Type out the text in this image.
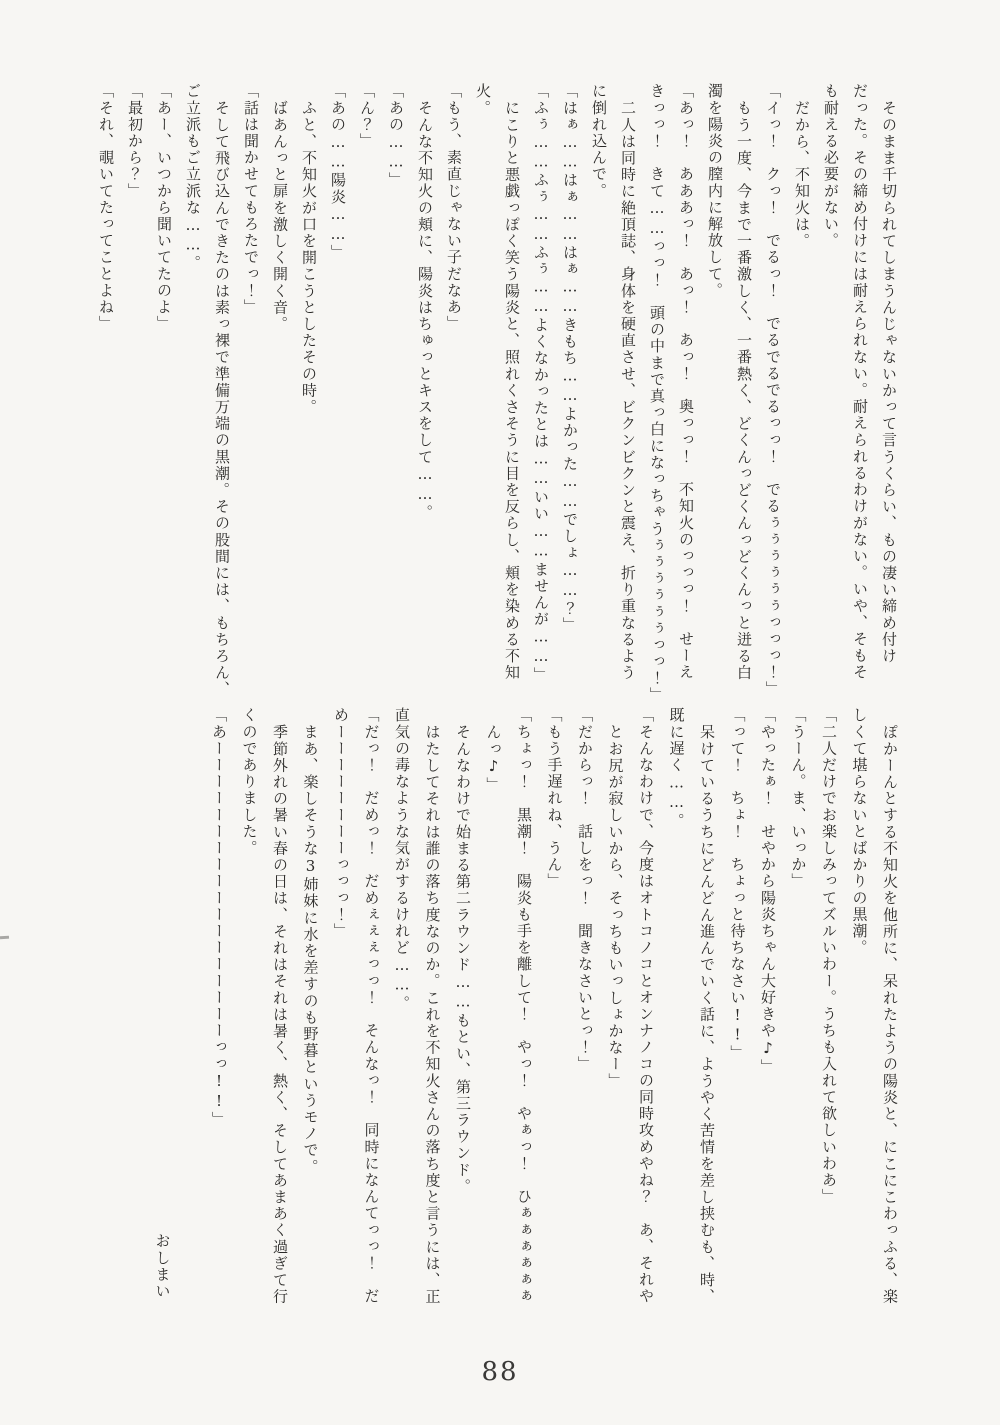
そのまま千切られてしまうんじゃないかって言うくらい、もの凄い締め付け

だった。その締め付けには耐えられない。耐えられるわけがない。いや、そもそ

も耐える必要がない。

だから、不知火は。

「イっ！　クっ！　でるっ！　でるでるでるっっ！　でるぅぅぅぅぅぅっっっ！」

もう一度、今まで一番激しく、一番熱く、どくんっどくんっどくんっと迸る白

濁を陽炎の膣内に解放して。

「あっ！　あああっ！　あっ！　あっ！　奥っっ！　不知火のっっっ！　せーえ

きっっ！　きて……っっ！　頭の中まで真っ白になっちゃうぅぅぅぅぅぅっっ！」

二人は同時に絶頂誌、身体を硬直させ、ビクンビクンと震え、折り重なるよう

に倒れ込んで。

「はぁ……はぁ……はぁ……きもち……よかった……でしょ……？」

「ふぅ……ふぅ……ふぅ……よくなかったとは……いい……ませんが……」

にこりと悪戯っぽく笑う陽炎と、照れくさそうに目を反らし、頬を染める不知

火。

「もう、素直じゃない子だなあ」

そんな不知火の頬に、陽炎はちゅっとキスをして……。

「あの……」

「ん？」

「あの……陽炎……」

ふと、不知火が口を開こうとしたその時。

ばあんっと扉を激しく開く音。

「話は聞かせてもろたでっ！」

そして飛び込んできたのは素っ裸で準備万端の黒潮。その股間には、もちろん、

ご立派もご立派な……。

「あー、いつから聞いてたのよ」

「最初から？」

「それ、覗いてたってことよね」

ぽかーんとする不知火を他所に、呆れたようの陽炎と、にこにこわっふる、楽

しくて堪らないとばかりの黒潮。

「二人だけでお楽しみってズルいわー。うちも入れて欲しいわあ」

「うーん。ま、いっか」

「やったぁ！　せやから陽炎ちゃん大好きや♪」

「って！　ちょ！　ちょっと待ちなさい!!」

呆けているうちにどんどん進んでいく話に、ようやく苦情を差し挟むも、時、

既に遅く……。

「そんなわけで、今度はオトコノコとオンナノコの同時攻めやね？　あ、それや

とお尻が寂しいから、そっちもいっしょかなー」

「だからっ！　話しをっ！　聞きなさいとっ！」

「もう手遅れね、うん」

「ちょっ！　黒潮！　陽炎も手を離して！　やっ！　やぁっ！　ひぁぁぁぁぁぁ

んっ♪」

そんなわけで始まる第二ラウンド……もとい、第三ラウンド。

はたしてそれは誰の落ち度なのか。これを不知火さんの落ち度と言うには、正

直気の毒なような気がするけれど……。

「だっ！　だめっ！　だめぇぇぇっっ！　そんなっ！　同時になんてっっ！　だ

めーーーーーーーーっっっ！」

まあ、楽しそうな3姉妹に水を差すのも野暮というモノで。

季節外れの暑い春の日は、それはそれは暑く、熱く、そしてあまあく過ぎて行

くのでありました。

「あーーーーーーーーーーーーーーーーーーっっ!!」

おしまい

88
